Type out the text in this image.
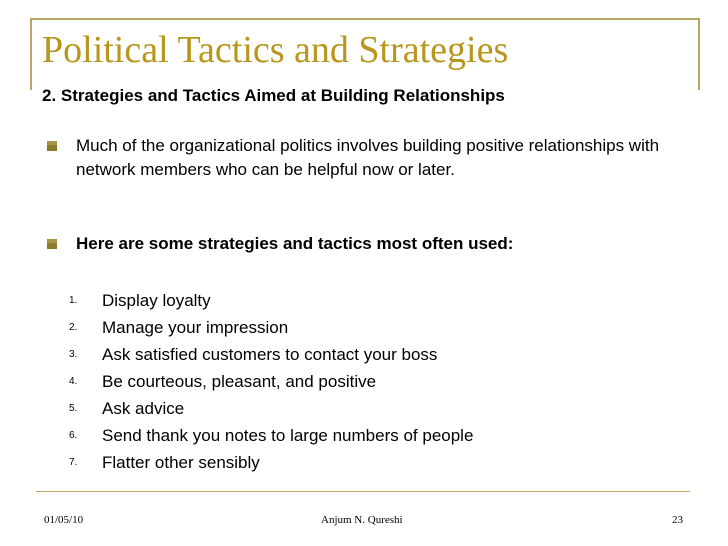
Political Tactics and Strategies
2. Strategies and Tactics Aimed at Building Relationships
Much of the organizational politics involves building positive relationships with network members who can be helpful now or later.
Here are some strategies and tactics most often used:
1. Display loyalty
2. Manage your impression
3. Ask satisfied customers to contact your boss
4. Be courteous, pleasant, and positive
5. Ask advice
6. Send thank you notes to large numbers of people
7. Flatter other sensibly
01/05/10	Anjum N. Qureshi	23
